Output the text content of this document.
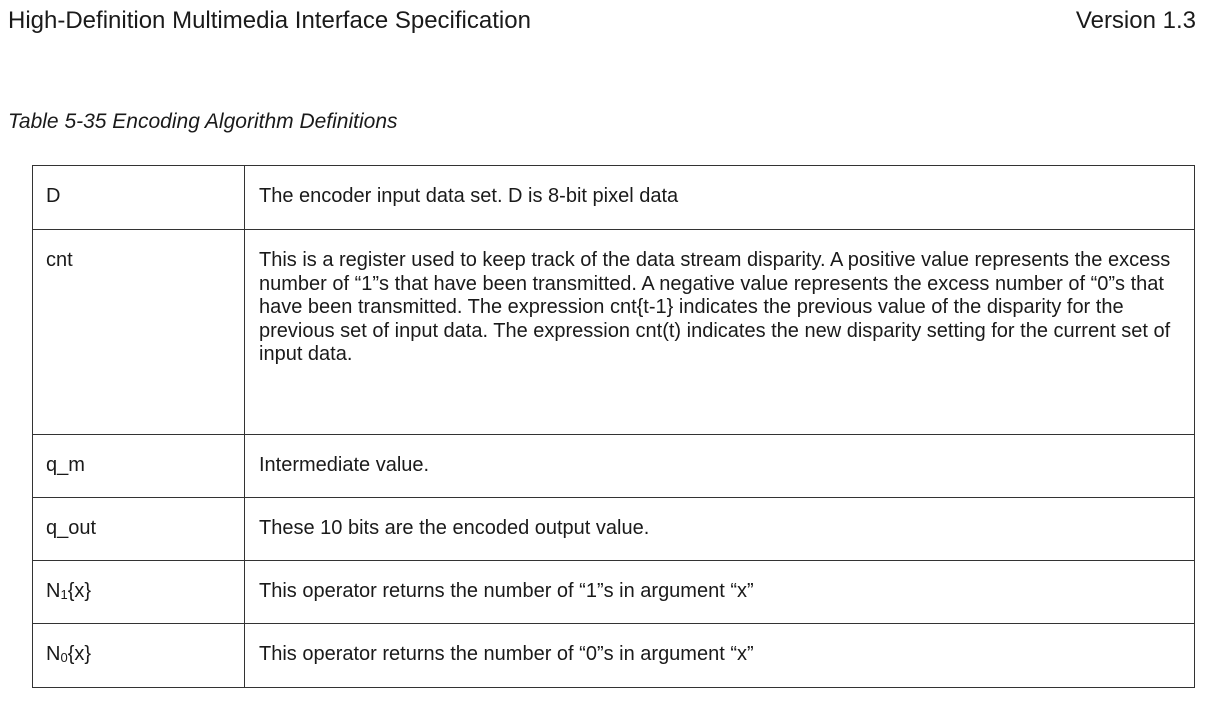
High-Definition Multimedia Interface Specification	Version 1.3
Table 5-35 Encoding Algorithm Definitions
D	The encoder input data set. D is 8-bit pixel data
cnt	This is a register used to keep track of the data stream disparity. A positive value represents the excess number of “1”s that have been transmitted. A negative value represents the excess number of “0”s that have been transmitted. The expression cnt{t-1} indicates the previous value of the disparity for the previous set of input data. The expression cnt(t) indicates the new disparity setting for the current set of input data.
q_m	Intermediate value.
q_out	These 10 bits are the encoded output value.
$N_1\{x\}$	This operator returns the number of “1”s in argument “x”
$N_0\{x\}$	This operator returns the number of “0”s in argument “x”
